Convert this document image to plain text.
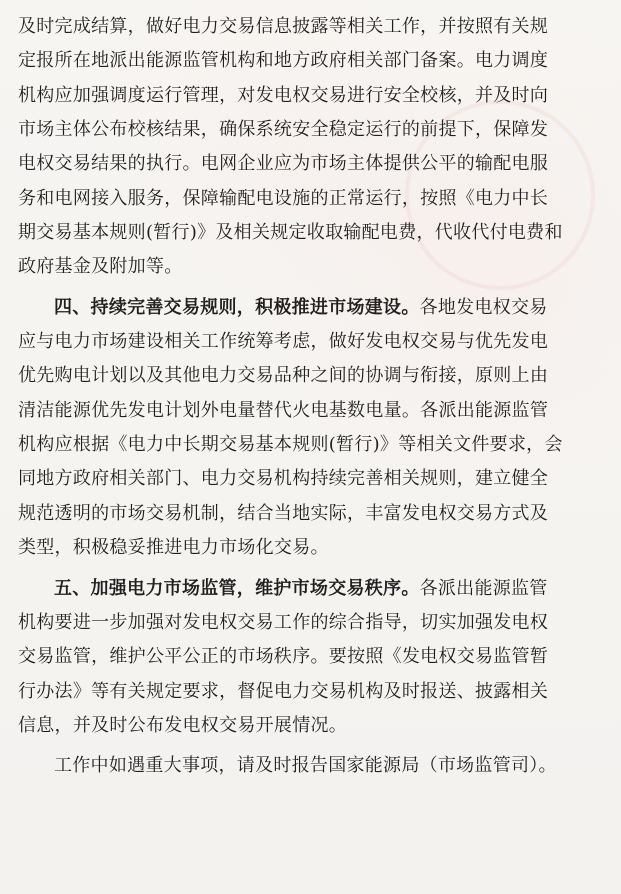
及时完成结算，做好电力交易信息披露等相关工作，并按照有关规
定报所在地派出能源监管机构和地方政府相关部门备案。电力调度
机构应加强调度运行管理，对发电权交易进行安全校核，并及时向
市场主体公布校核结果，确保系统安全稳定运行的前提下，保障发
电权交易结果的执行。电网企业应为市场主体提供公平的输配电服
务和电网接入服务，保障输配电设施的正常运行，按照《电力中长
期交易基本规则(暂行)》及相关规定收取输配电费，代收代付电费和
政府基金及附加等。
四、持续完善交易规则，积极推进市场建设。各地发电权交易
应与电力市场建设相关工作统筹考虑，做好发电权交易与优先发电
优先购电计划以及其他电力交易品种之间的协调与衔接，原则上由
清洁能源优先发电计划外电量替代火电基数电量。各派出能源监管
机构应根据《电力中长期交易基本规则(暂行)》等相关文件要求，会
同地方政府相关部门、电力交易机构持续完善相关规则，建立健全
规范透明的市场交易机制，结合当地实际，丰富发电权交易方式及
类型，积极稳妥推进电力市场化交易。
五、加强电力市场监管，维护市场交易秩序。各派出能源监管
机构要进一步加强对发电权交易工作的综合指导，切实加强发电权
交易监管，维护公平公正的市场秩序。要按照《发电权交易监管暂
行办法》等有关规定要求，督促电力交易机构及时报送、披露相关
信息，并及时公布发电权交易开展情况。
工作中如遇重大事项，请及时报告国家能源局（市场监管司）。
